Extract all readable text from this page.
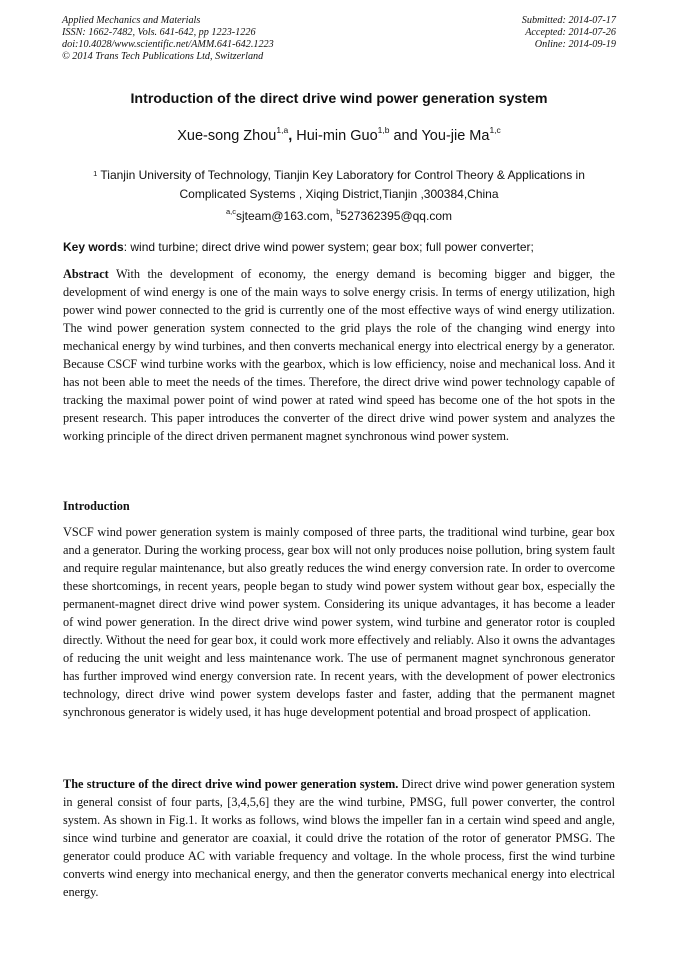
Applied Mechanics and Materials
ISSN: 1662-7482, Vols. 641-642, pp 1223-1226
doi:10.4028/www.scientific.net/AMM.641-642.1223
© 2014 Trans Tech Publications Ltd, Switzerland
Submitted: 2014-07-17
Accepted: 2014-07-26
Online: 2014-09-19
Introduction of the direct drive wind power generation system
Xue-song Zhou$^{1,a}$, Hui-min Guo$^{1,b}$ and You-jie Ma$^{1,c}$
$^1$ Tianjin University of Technology, Tianjin Key Laboratory for Control Theory & Applications in Complicated Systems , Xiqing District,Tianjin ,300384,China
$^{a,c}$sjteam@163.com, $^b$527362395@qq.com
Key words: wind turbine; direct drive wind power system; gear box; full power converter;
Abstract With the development of economy, the energy demand is becoming bigger and bigger, the development of wind energy is one of the main ways to solve energy crisis. In terms of energy utilization, high power wind power connected to the grid is currently one of the most effective ways of wind energy utilization. The wind power generation system connected to the grid plays the role of the changing wind energy into mechanical energy by wind turbines, and then converts mechanical energy into electrical energy by a generator. Because CSCF wind turbine works with the gearbox, which is low efficiency, noise and mechanical loss. And it has not been able to meet the needs of the times. Therefore, the direct drive wind power technology capable of tracking the maximal power point of wind power at rated wind speed has become one of the hot spots in the present research. This paper introduces the converter of the direct drive wind power system and analyzes the working principle of the direct driven permanent magnet synchronous wind power system.
Introduction
VSCF wind power generation system is mainly composed of three parts, the traditional wind turbine, gear box and a generator. During the working process, gear box will not only produces noise pollution, bring system fault and require regular maintenance, but also greatly reduces the wind energy conversion rate. In order to overcome these shortcomings, in recent years, people began to study wind power system without gear box, especially the permanent-magnet direct drive wind power system. Considering its unique advantages, it has become a leader of wind power generation. In the direct drive wind power system, wind turbine and generator rotor is coupled directly. Without the need for gear box, it could work more effectively and reliably. Also it owns the advantages of reducing the unit weight and less maintenance work. The use of permanent magnet synchronous generator has further improved wind energy conversion rate. In recent years, with the development of power electronics technology, direct drive wind power system develops faster and faster, adding that the permanent magnet synchronous generator is widely used, it has huge development potential and broad prospect of application.
The structure of the direct drive wind power generation system. Direct drive wind power generation system in general consist of four parts, [3,4,5,6] they are the wind turbine, PMSG, full power converter, the control system. As shown in Fig.1. It works as follows, wind blows the impeller fan in a certain wind speed and angle, since wind turbine and generator are coaxial, it could drive the rotation of the rotor of generator PMSG. The generator could produce AC with variable frequency and voltage. In the whole process, first the wind turbine converts wind energy into mechanical energy, and then the generator converts mechanical energy into electrical energy.
